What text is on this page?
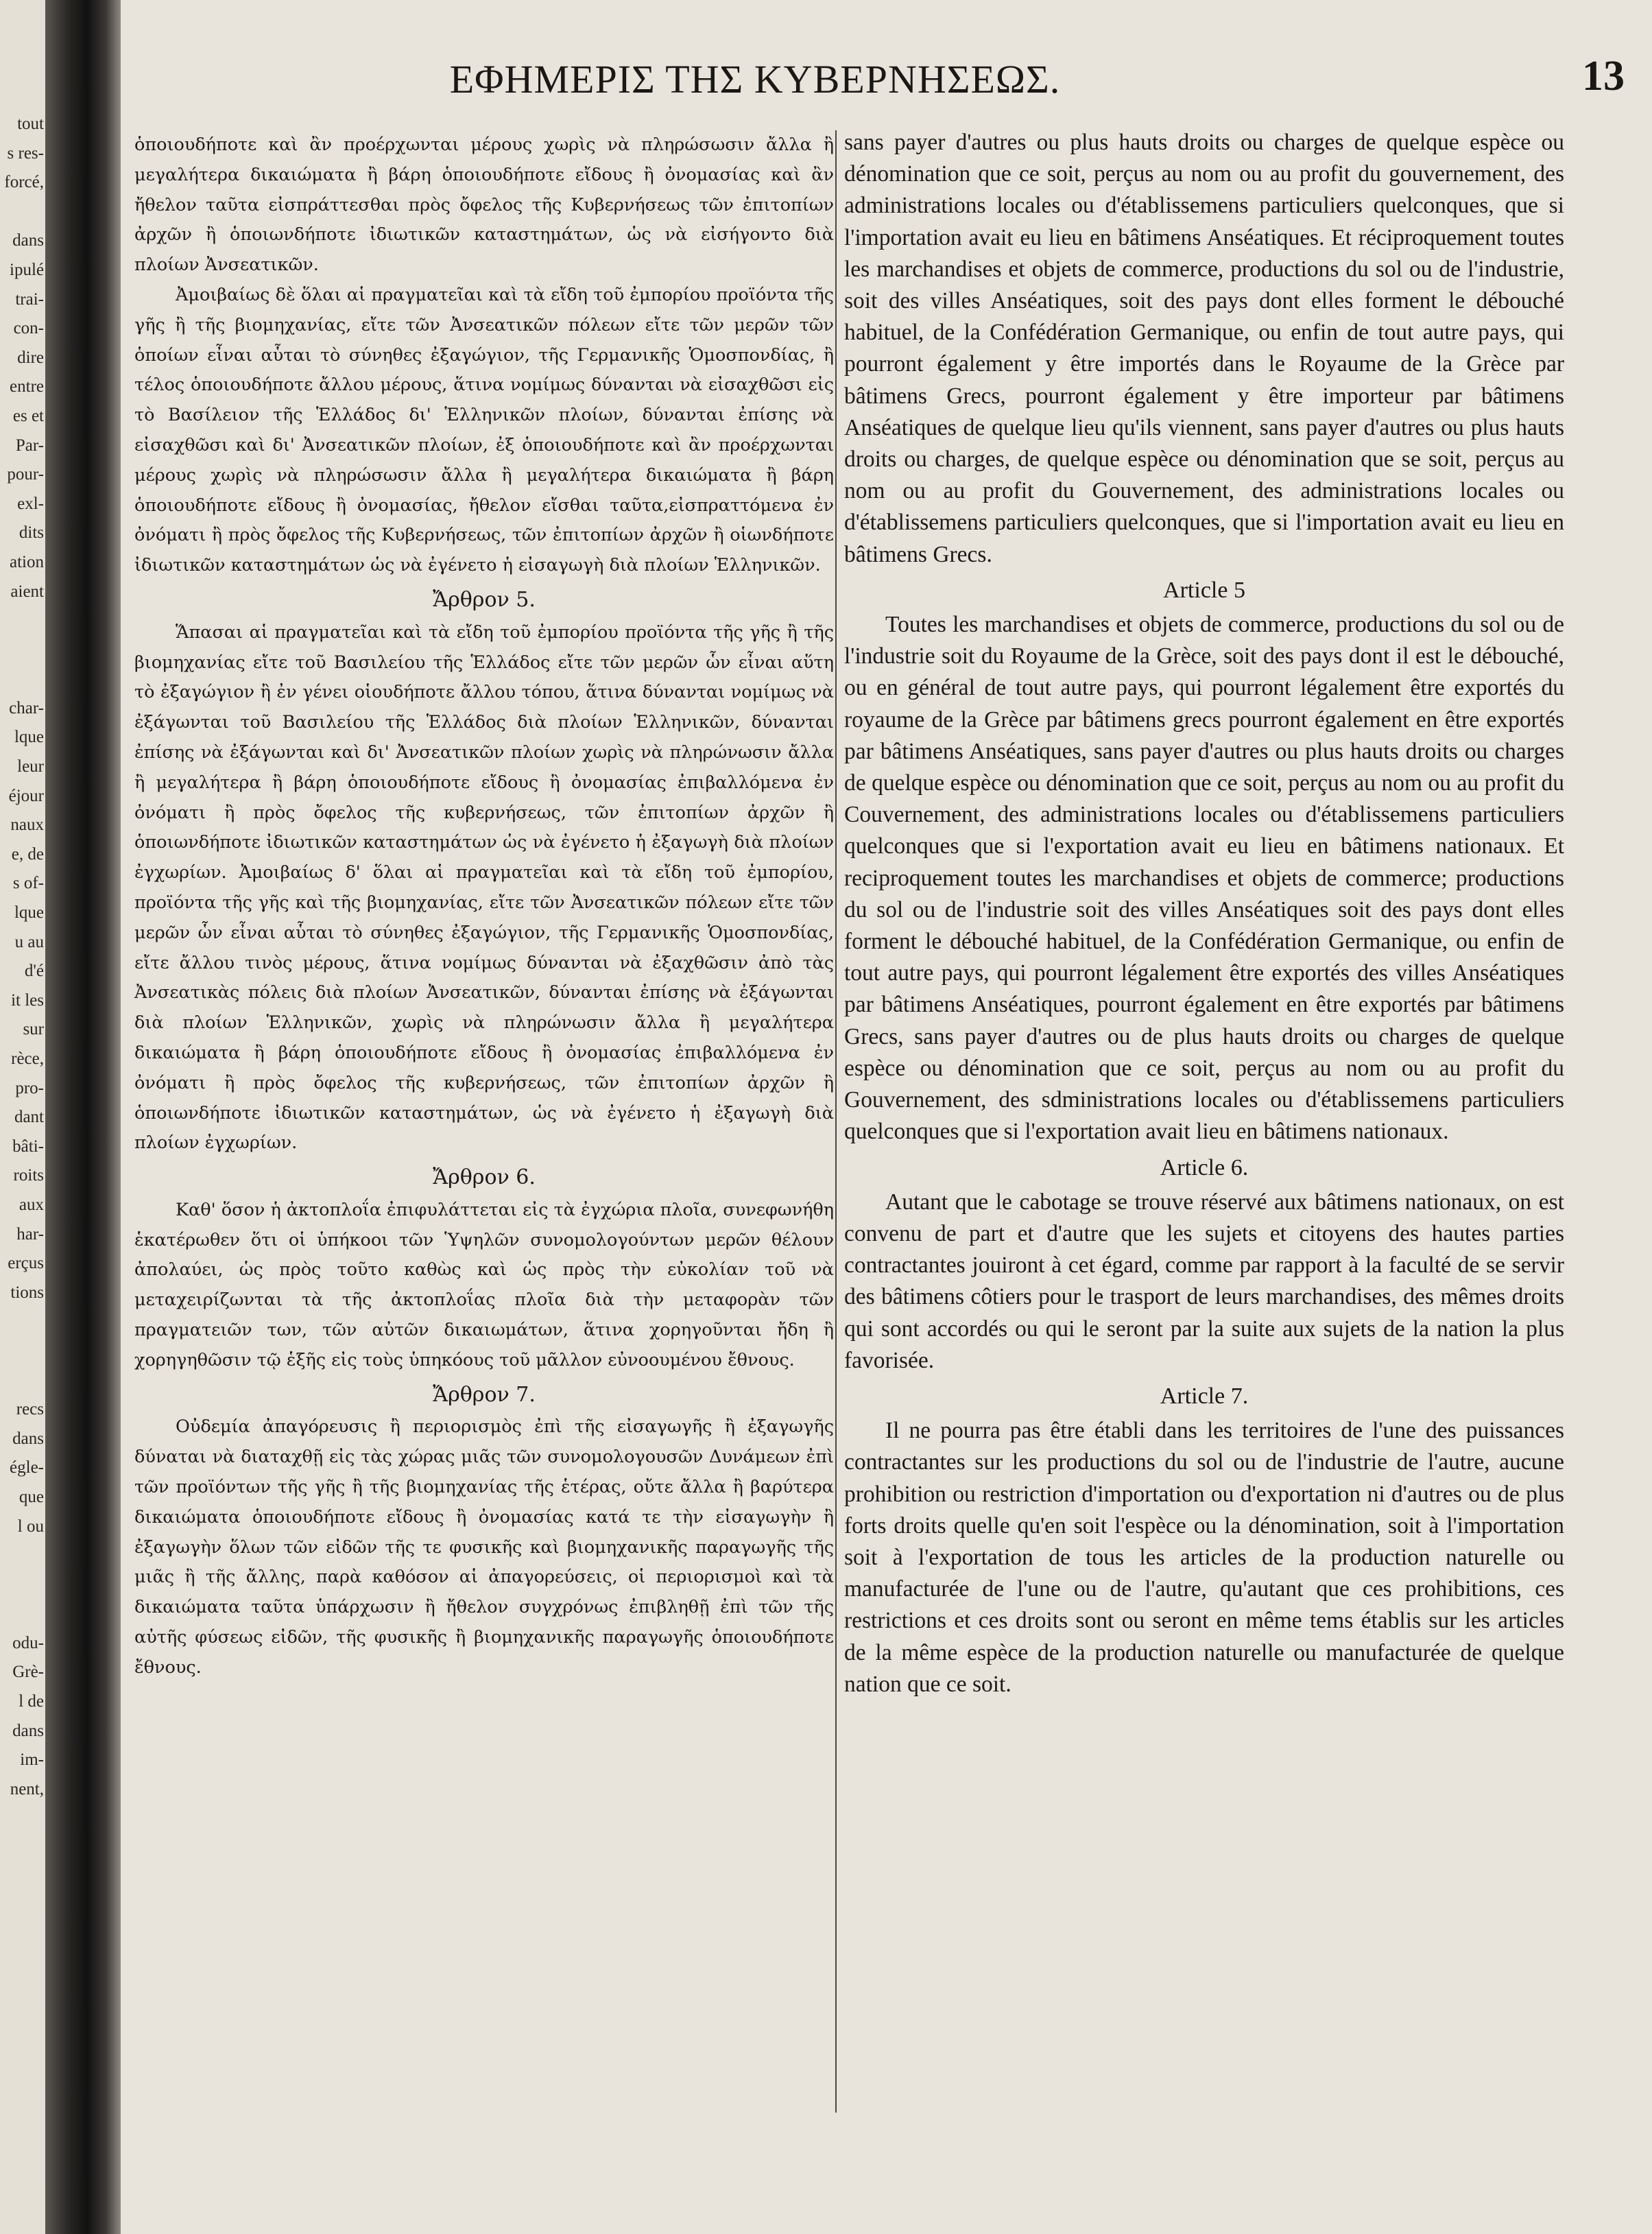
tout
s res-
forcé,

dans
ipulé
trai-
con-
dire
entre
es et
Par-
pour-
exl-
dits
ation
aient

char-
lque
leur
éjour
naux
e, de
s of-
lque
u au
d'é
it les
sur
rèce,
pro-
dant
bâti-
roits
aux
har-
erçus
tions

recs
dans
égle-
que
l ou

odu-
Grè-
l de
dans
im-
nent,
ΕΦΗΜΕΡΙΣ ΤΗΣ ΚΥΒΕΡΝΗΣΕΩΣ.	13

ὁποιουδήποτε καὶ ἂν προέρχωνται μέρους χωρὶς νὰ πληρώσωσιν ἄλλα ἢ μεγαλήτερα δικαιώματα ἢ βάρη ὁποιουδήποτε εἴδους ἢ ὀνομασίας καὶ ἂν ἤθελον ταῦτα εἰσπράττεσθαι πρὸς ὄφελος τῆς Κυβερνήσεως τῶν ἐπιτοπίων ἀρχῶν ἢ ὁποιωνδήποτε ἰδιωτικῶν καταστημάτων, ὡς νὰ εἰσήγοντο διὰ πλοίων Ἀνσεατικῶν.

Ἀμοιβαίως δὲ ὅλαι αἱ πραγματεῖαι καὶ τὰ εἴδη τοῦ ἐμπορίου προϊόντα τῆς γῆς ἢ τῆς βιομηχανίας, εἴτε τῶν Ἀνσεατικῶν πόλεων εἴτε τῶν μερῶν τῶν ὁποίων εἶναι αὗται τὸ σύνηθες ἐξαγώγιον, τῆς Γερμανικῆς Ὁμοσπονδίας, ἢ τέλος ὁποιουδήποτε ἄλλου μέρους, ἅτινα νομίμως δύνανται νὰ εἰσαχθῶσι εἰς τὸ Βασίλειον τῆς Ἑλλάδος δι' Ἑλληνικῶν πλοίων, δύνανται ἐπίσης νὰ εἰσαχθῶσι καὶ δι' Ἀνσεατικῶν πλοίων, ἐξ ὁποιουδήποτε καὶ ἂν προέρχωνται μέρους χωρὶς νὰ πληρώσωσιν ἄλλα ἢ μεγαλήτερα δικαιώματα ἢ βάρη ὁποιουδήποτε εἴδους ἢ ὀνομασίας, ἤθελον εἴσθαι ταῦτα,εἰσπραττόμενα ἐν ὀνόματι ἢ πρὸς ὄφελος τῆς Κυβερνήσεως, τῶν ἐπιτοπίων ἀρχῶν ἢ οἱωνδήποτε ἰδιωτικῶν καταστημάτων ὡς νὰ ἐγένετο ἡ εἰσαγωγὴ διὰ πλοίων Ἑλληνικῶν.

Ἄρθρον 5.

Ἅπασαι αἱ πραγματεῖαι καὶ τὰ εἴδη τοῦ ἐμπορίου προϊόντα τῆς γῆς ἢ τῆς βιομηχανίας εἴτε τοῦ Βασιλείου τῆς Ἑλλάδος εἴτε τῶν μερῶν ὧν εἶναι αὕτη τὸ ἐξαγώγιον ἢ ἐν γένει οἱουδήποτε ἄλλου τόπου, ἅτινα δύνανται νομίμως νὰ ἐξάγωνται τοῦ Βασιλείου τῆς Ἑλλάδος διὰ πλοίων Ἑλληνικῶν, δύνανται ἐπίσης νὰ ἐξάγωνται καὶ δι' Ἀνσεατικῶν πλοίων χωρὶς νὰ πληρώνωσιν ἄλλα ἢ μεγαλήτερα ἢ βάρη ὁποιουδήποτε εἴδους ἢ ὀνομασίας ἐπιβαλλόμενα ἐν ὀνόματι ἢ πρὸς ὄφελος τῆς κυβερνήσεως, τῶν ἐπιτοπίων ἀρχῶν ἢ ὁποιωνδήποτε ἰδιωτικῶν καταστημάτων ὡς νὰ ἐγένετο ἡ ἐξαγωγὴ διὰ πλοίων ἐγχωρίων. Ἀμοιβαίως δ' ὅλαι αἱ πραγματεῖαι καὶ τὰ εἴδη τοῦ ἐμπορίου, προϊόντα τῆς γῆς καὶ τῆς βιομηχανίας, εἴτε τῶν Ἀνσεατικῶν πόλεων εἴτε τῶν μερῶν ὧν εἶναι αὗται τὸ σύνηθες ἐξαγώγιον, τῆς Γερμανικῆς Ὁμοσπονδίας, εἴτε ἄλλου τινὸς μέρους, ἅτινα νομίμως δύνανται νὰ ἐξαχθῶσιν ἀπὸ τὰς Ἀνσεατικὰς πόλεις διὰ πλοίων Ἀνσεατικῶν, δύνανται ἐπίσης νὰ ἐξάγωνται διὰ πλοίων Ἑλληνικῶν, χωρὶς νὰ πληρώνωσιν ἄλλα ἢ μεγαλήτερα δικαιώματα ἢ βάρη ὁποιουδήποτε εἴδους ἢ ὀνομασίας ἐπιβαλλόμενα ἐν ὀνόματι ἢ πρὸς ὄφελος τῆς κυβερνήσεως, τῶν ἐπιτοπίων ἀρχῶν ἢ ὁποιωνδήποτε ἰδιωτικῶν καταστημάτων, ὡς νὰ ἐγένετο ἡ ἐξαγωγὴ διὰ πλοίων ἐγχωρίων.

Ἄρθρον 6.

Καθ' ὅσον ἡ ἀκτοπλοΐα ἐπιφυλάττεται εἰς τὰ ἐγχώρια πλοῖα, συνεφωνήθη ἑκατέρωθεν ὅτι οἱ ὑπήκοοι τῶν Ὑψηλῶν συνομολογούντων μερῶν θέλουν ἀπολαύει, ὡς πρὸς τοῦτο καθὼς καὶ ὡς πρὸς τὴν εὐκολίαν τοῦ νὰ μεταχειρίζωνται τὰ τῆς ἀκτοπλοΐας πλοῖα διὰ τὴν μεταφορὰν τῶν πραγματειῶν των, τῶν αὐτῶν δικαιωμάτων, ἅτινα χορηγοῦνται ἤδη ἢ χορηγηθῶσιν τῷ ἑξῆς εἰς τοὺς ὑπηκόους τοῦ μᾶλλον εὐνοουμένου ἔθνους.

Ἄρθρον 7.

Οὐδεμία ἀπαγόρευσις ἢ περιορισμὸς ἐπὶ τῆς εἰσαγωγῆς ἢ ἐξαγωγῆς δύναται νὰ διαταχθῇ εἰς τὰς χώρας μιᾶς τῶν συνομολογουσῶν Δυνάμεων ἐπὶ τῶν προϊόντων τῆς γῆς ἢ τῆς βιομηχανίας τῆς ἑτέρας, οὔτε ἄλλα ἢ βαρύτερα δικαιώματα ὁποιουδήποτε εἴδους ἢ ὀνομασίας κατά τε τὴν εἰσαγωγὴν ἢ ἐξαγωγὴν ὅλων τῶν εἰδῶν τῆς τε φυσικῆς καὶ βιομηχανικῆς παραγωγῆς τῆς μιᾶς ἢ τῆς ἄλλης, παρὰ καθόσον αἱ ἀπαγορεύσεις, οἱ περιορισμοὶ καὶ τὰ δικαιώματα ταῦτα ὑπάρχωσιν ἢ ἤθελον συγχρόνως ἐπιβληθῇ ἐπὶ τῶν τῆς αὐτῆς φύσεως εἰδῶν, τῆς φυσικῆς ἢ βιομηχανικῆς παραγωγῆς ὁποιουδήποτε ἔθνους.

sans payer d'autres ou plus hauts droits ou charges de quelque espèce ou dénomination que ce soit, perçus au nom ou au profit du gouvernement, des administrations locales ou d'établissemens particuliers quelconques, que si l'importation avait eu lieu en bâtimens Anséatiques. Et réciproquement toutes les marchandises et objets de commerce, productions du sol ou de l'industrie, soit des villes Anséatiques, soit des pays dont elles forment le débouché habituel, de la Confédération Germanique, ou enfin de tout autre pays, qui pourront également y être importés dans le Royaume de la Grèce par bâtimens Grecs, pourront également y être importeur par bâtimens Anséatiques de quelque lieu qu'ils viennent, sans payer d'autres ou plus hauts droits ou charges, de quelque espèce ou dénomination que se soit, perçus au nom ou au profit du Gouvernement, des administrations locales ou d'établissemens particuliers quelconques, que si l'importation avait eu lieu en bâtimens Grecs.

Article 5

Toutes les marchandises et objets de commerce, productions du sol ou de l'industrie soit du Royaume de la Grèce, soit des pays dont il est le débouché, ou en général de tout autre pays, qui pourront légalement être exportés du royaume de la Grèce par bâtimens grecs pourront également en être exportés par bâtimens Anséatiques, sans payer d'autres ou plus hauts droits ou charges de quelque espèce ou dénomination que ce soit, perçus au nom ou au profit du Couvernement, des administrations locales ou d'établissemens particuliers quelconques que si l'exportation avait eu lieu en bâtimens nationaux. Et reciproquement toutes les marchandises et objets de commerce; productions du sol ou de l'industrie soit des villes Anséatiques soit des pays dont elles forment le débouché habituel, de la Confédération Germanique, ou enfin de tout autre pays, qui pourront légalement être exportés des villes Anséatiques par bâtimens Anséatiques, pourront également en être exportés par bâtimens Grecs, sans payer d'autres ou de plus hauts droits ou charges de quelque espèce ou dénomination que ce soit, perçus au nom ou au profit du Gouvernement, des sdministrations locales ou d'établissemens particuliers quelconques que si l'exportation avait lieu en bâtimens nationaux.

Article 6.

Autant que le cabotage se trouve réservé aux bâtimens nationaux, on est convenu de part et d'autre que les sujets et citoyens des hautes parties contractantes jouiront à cet égard, comme par rapport à la faculté de se servir des bâtimens côtiers pour le trasport de leurs marchandises, des mêmes droits qui sont accordés ou qui le seront par la suite aux sujets de la nation la plus favorisée.

Article 7.

Il ne pourra pas être établi dans les territoires de l'une des puissances contractantes sur les productions du sol ou de l'industrie de l'autre, aucune prohibition ou restriction d'importation ou d'exportation ni d'autres ou de plus forts droits quelle qu'en soit l'espèce ou la dénomination, soit à l'importation soit à l'exportation de tous les articles de la production naturelle ou manufacturée de l'une ou de l'autre, qu'autant que ces prohibitions, ces restrictions et ces droits sont ou seront en même tems établis sur les articles de la même espèce de la production naturelle ou manufacturée de quelque nation que ce soit.
